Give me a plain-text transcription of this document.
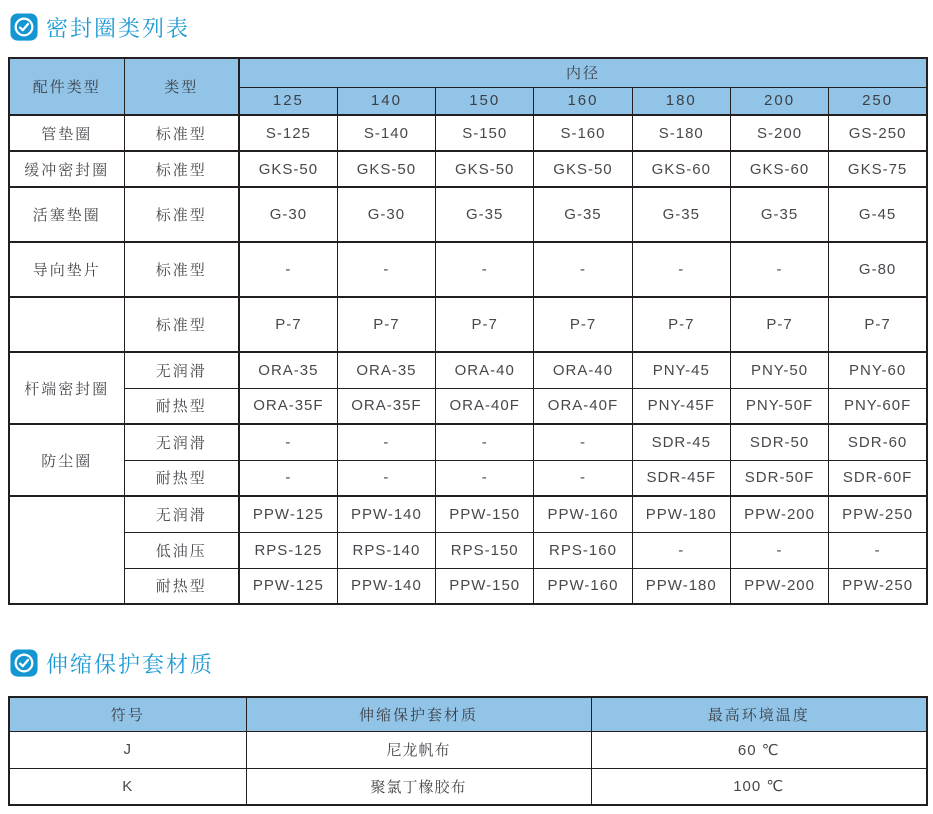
密封圈类列表
配件类型	类型	内径						
		125	140	150	160	180	200	250
管垫圈	标准型	S-125	S-140	S-150	S-160	S-180	S-200	GS-250
缓冲密封圈	标准型	GKS-50	GKS-50	GKS-50	GKS-50	GKS-60	GKS-60	GKS-75
活塞垫圈	标准型	G-30	G-30	G-35	G-35	G-35	G-35	G-45
导向垫片	标准型	-	-	-	-	-	-	G-80
	标准型	P-7	P-7	P-7	P-7	P-7	P-7	P-7
杆端密封圈	无润滑	ORA-35	ORA-35	ORA-40	ORA-40	PNY-45	PNY-50	PNY-60
	耐热型	ORA-35F	ORA-35F	ORA-40F	ORA-40F	PNY-45F	PNY-50F	PNY-60F
防尘圈	无润滑	-	-	-	-	SDR-45	SDR-50	SDR-60
	耐热型	-	-	-	-	SDR-45F	SDR-50F	SDR-60F
	无润滑	PPW-125	PPW-140	PPW-150	PPW-160	PPW-180	PPW-200	PPW-250
	低油压	RPS-125	RPS-140	RPS-150	RPS-160	-	-	-
	耐热型	PPW-125	PPW-140	PPW-150	PPW-160	PPW-180	PPW-200	PPW-250
伸缩保护套材质
符号	伸缩保护套材质	最高环境温度
J	尼龙帆布	60 ℃
K	聚氯丁橡胶布	100 ℃
